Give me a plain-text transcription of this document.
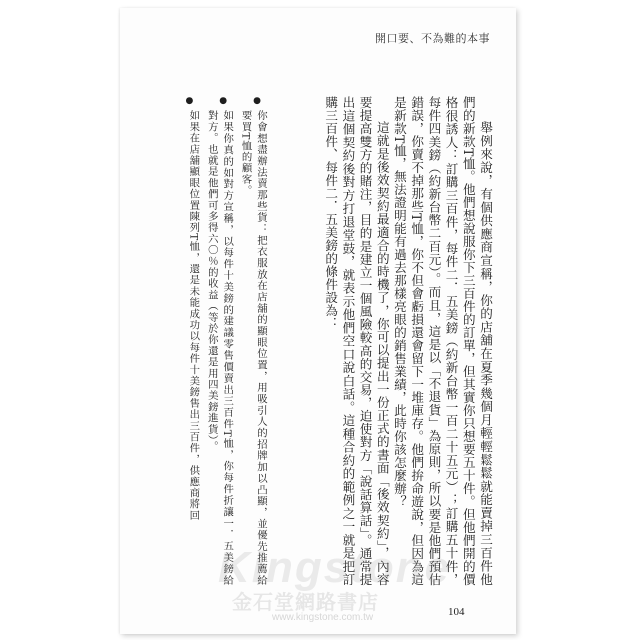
開口要、不為難的本事

舉例來說，有個供應商宣稱，你的店舖在夏季幾個月輕輕鬆鬆就能賣掉三百件他們的新款T恤。他們想說服你下三百件的訂單，但其實你只想要五十件。但他們開的價格很誘人：訂購三百件，每件二．五美鎊（約新台幣一百二十五元）；訂購五十件，每件四美鎊（約新台幣二百元）。而且，這是以「不退貨」為原則，所以要是他們預估錯誤，你賣不掉那些T恤，你不但會虧損還會留下一堆庫存。他們拚命遊說，但因為這是新款T恤，無法證明能有過去那樣亮眼的銷售業績，此時你該怎麼辦？

這就是後效契約最適合的時機了，你可以提出一份正式的書面「後效契約」，內容要提高雙方的賭注，目的是建立一個風險較高的交易，迫使對方「說話算話」。通常提出這個契約後對方打退堂鼓，就表示他們空口說白話。這種合約的範例之一就是把訂購三百件、每件二．五美鎊的條件設為：

●
你會想盡辦法賣那些貨：把衣服放在店舖的顯眼位置，用吸引人的招牌加以凸顯，並優先推薦給要買T恤的顧客。
●
如果你真的如對方宣稱，以每件十美鎊的建議零售價賣出三百件T恤，你每件折讓一．五美鎊給對方。也就是他們可多得六〇％的收益（等於你還是用四美鎊進貨）。
●
如果在店舖顯眼位置陳列T恤，還是未能成功以每件十美鎊售出三百件，供應商將回
Kingstone
金石堂網路書店
www.kingstone.com.tw	104
